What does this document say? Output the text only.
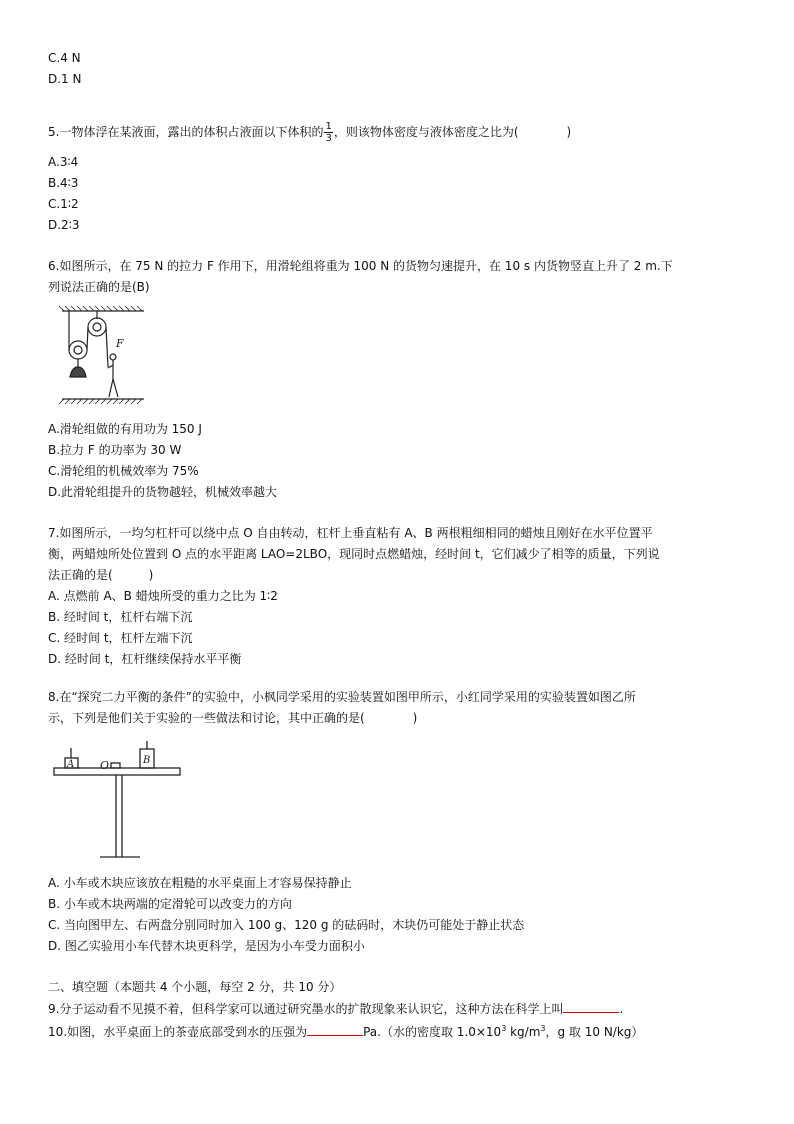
C.4 N
D.1 N
5.一物体浮在某液面，露出的体积占液面以下体积的 $\frac{1}{3}$ ，则该物体密度与液体密度之比为(　　　　)
A.3∶4
B.4∶3
C.1∶2
D.2∶3
6.如图所示，在 75 N 的拉力 F 作用下，用滑轮组将重为 100 N 的货物匀速提升，在 10 s 内货物竖直上升了 2 m.下
列说法正确的是(B)
F
A.滑轮组做的有用功为 150 J
B.拉力 F 的功率为 30 W
C.滑轮组的机械效率为 75%
D.此滑轮组提升的货物越轻，机械效率越大
7.如图所示，一均匀杠杆可以绕中点 O 自由转动，杠杆上垂直粘有 A、B 两根粗细相同的蜡烛且刚好在水平位置平
衡，两蜡烛所处位置到 O 点的水平距离 LAO=2LBO，现同时点燃蜡烛，经时间 t，它们减少了相等的质量，下列说
法正确的是(　　　)
A. 点燃前 A、B 蜡烛所受的重力之比为 1∶2
B. 经时间 t，杠杆右端下沉
C. 经时间 t，杠杆左端下沉
D. 经时间 t，杠杆继续保持水平平衡
8.在“探究二力平衡的条件”的实验中，小枫同学采用的实验装置如图甲所示，小红同学采用的实验装置如图乙所
示，下列是他们关于实验的一些做法和讨论，其中正确的是(　　　　)
A O	B
A. 小车或木块应该放在粗糙的水平桌面上才容易保持静止
B. 小车或木块两端的定滑轮可以改变力的方向
C. 当向图甲左、右两盘分别同时加入 100 g、120 g 的砝码时，木块仍可能处于静止状态
D. 图乙实验用小车代替木块更科学，是因为小车受力面积小
二、填空题（本题共 4 个小题，每空 2 分，共 10 分）
9.分子运动看不见摸不着，但科学家可以通过研究墨水的扩散现象来认识它，这种方法在科学上叫	.
10.如图，水平桌面上的茶壶底部受到水的压强为	Pa.（水的密度取 $1.0\times 10^3$ $kg/m^3$，g 取 10 N/kg）
